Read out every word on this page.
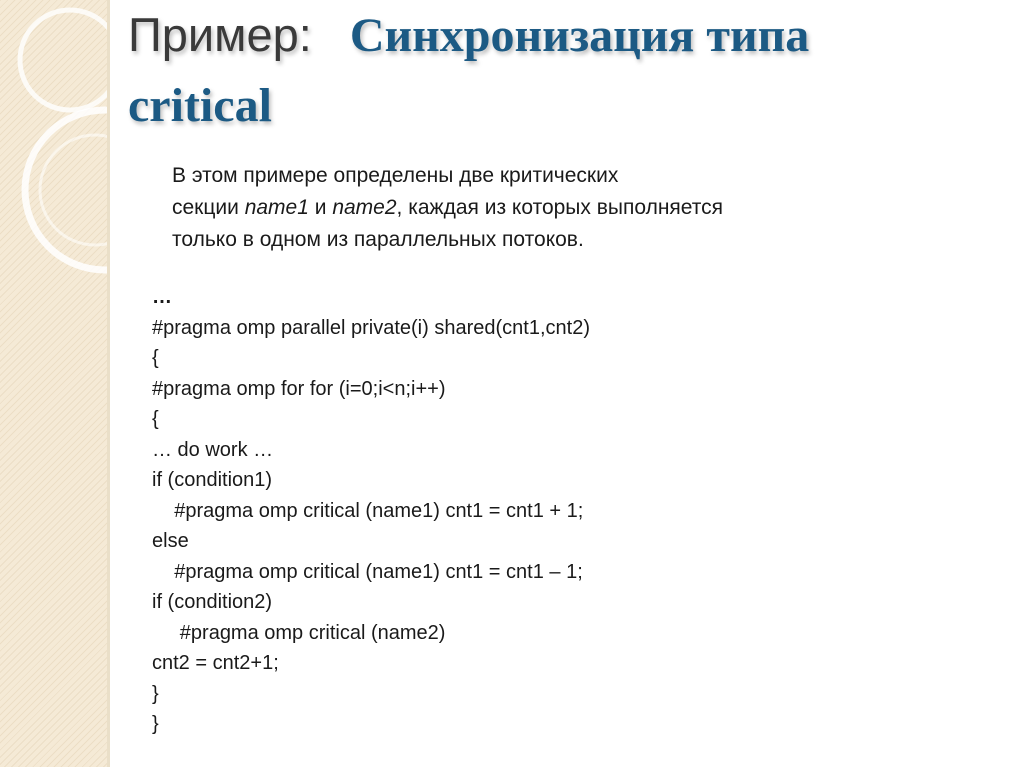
Пример: Синхронизация типа
critical
В этом примере определены две критических
секции name1 и name2, каждая из которых выполняется
только в одном из параллельных потоков.
…
#pragma omp parallel private(i) shared(cnt1,cnt2)
{
#pragma omp for for (i=0;i<n;i++)
{
… do work …
if (condition1)
#pragma omp critical (name1) cnt1 = cnt1 + 1;
else
#pragma omp critical (name1) cnt1 = cnt1 – 1;
if (condition2)
#pragma omp critical (name2)
cnt2 = cnt2+1;
}
}
